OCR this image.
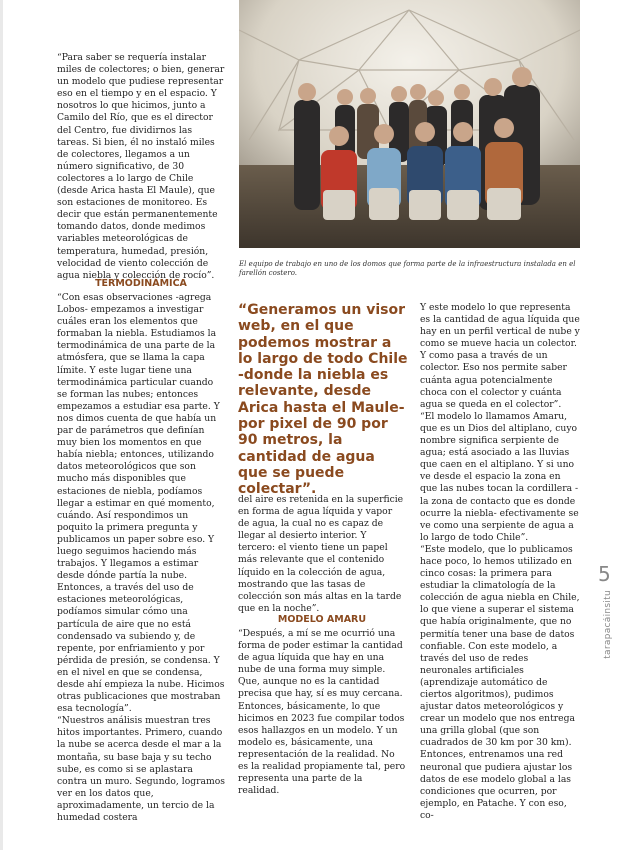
“Para saber se requería instalar miles de colectores; o bien, generar un modelo que pudiese representar eso en el tiempo y en el espacio. Y nosotros lo que hicimos, junto a Camilo del Río, que es el director del Centro, fue dividirnos las tareas. Si bien, él no instaló miles de colectores, llegamos a un número significativo, de 30 colectores a lo largo de Chile (desde Arica hasta El Maule), que son estaciones de monitoreo. Es decir que están permanentemente tomando datos, donde medimos variables meteorológicas de temperatura, humedad, presión, velocidad de viento colección de agua niebla y colección de rocío”.

TERMODINÁMICA

“Con esas observaciones -agrega Lobos- empezamos a investigar cuáles eran los elementos que formaban la niebla. Estudiamos la termodinámica de una parte de la atmósfera, que se llama la capa límite. Y este lugar tiene una termodinámica particular cuando se forman las nubes; entonces empezamos a estudiar esa parte. Y nos dimos cuenta de que había un par de parámetros que definían muy bien los momentos en que había niebla; entonces, utilizando datos meteorológicos que son mucho más disponibles que estaciones de niebla, podíamos llegar a estimar en qué momento, cuándo. Así respondimos un poquito la primera pregunta y publicamos un paper sobre eso. Y luego seguimos haciendo más trabajos. Y llegamos a estimar desde dónde partía la nube. Entonces, a través del uso de estaciones meteorológicas, podíamos simular cómo una partícula de aire que no está condensado va subiendo y, de repente, por enfriamiento y por pérdida de presión, se condensa. Y en el nivel en que se condensa, desde ahí empieza la nube. Hicimos otras publicaciones que mostraban esa tecnología”.

“Nuestros análisis muestran tres hitos importantes. Primero, cuando la nube se acerca desde el mar a la montaña, su base baja y su techo sube, es como si se aplastara contra un muro. Segundo, logramos ver en los datos que, aproximadamente, un tercio de la humedad costera

El equipo de trabajo en uno de los domos que forma parte de la infraestructura instalada en el farellón costero.

“Generamos un visor web, en el que podemos mostrar a lo largo de todo Chile -donde la niebla es relevante, desde Arica hasta el Maule- por pixel de 90 por 90 metros, la cantidad de agua que se puede colectar”.

del aire es retenida en la superficie en forma de agua líquida y vapor de agua, la cual no es capaz de llegar al desierto interior. Y tercero: el viento tiene un papel más relevante que el contenido líquido en la colección de agua, mostrando que las tasas de colección son más altas en la tarde que en la noche”.

MODELO AMARU

“Después, a mí se me ocurrió una forma de poder estimar la cantidad de agua líquida que hay en una nube de una forma muy simple. Que, aunque no es la cantidad precisa que hay, sí es muy cercana. Entonces, básicamente, lo que hicimos en 2023 fue compilar todos esos hallazgos en un modelo. Y un modelo es, básicamente, una representación de la realidad. No es la realidad propiamente tal, pero representa una parte de la realidad.

Y este modelo lo que representa es la cantidad de agua líquida que hay en un perfil vertical de nube y como se mueve hacia un colector. Y como pasa a través de un colector. Eso nos permite saber cuánta agua potencialmente choca con el colector y cuánta agua se queda en el colector”.

“El modelo lo llamamos Amaru, que es un Dios del altiplano, cuyo nombre significa serpiente de agua; está asociado a las lluvias que caen en el altiplano. Y si uno ve desde el espacio la zona en que las nubes tocan la cordillera -la zona de contacto que es donde ocurre la niebla- efectivamente se ve como una serpiente de agua a lo largo de todo Chile”.

“Este modelo, que lo publicamos hace poco, lo hemos utilizado en cinco cosas: la primera para estudiar la climatología de la colección de agua niebla en Chile, lo que viene a superar el sistema que había originalmente, que no permitía tener una base de datos confiable. Con este modelo, a través del uso de redes neuronales artificiales (aprendizaje automático de ciertos algoritmos), pudimos ajustar datos meteorológicos y crear un modelo que nos entrega una grilla global (que son cuadrados de 30 km por 30 km). Entonces, entrenamos una red neuronal que pudiera ajustar los datos de ese modelo global a las condiciones que ocurren, por ejemplo, en Patache. Y con eso, co-

5
tarapacáinsitu
